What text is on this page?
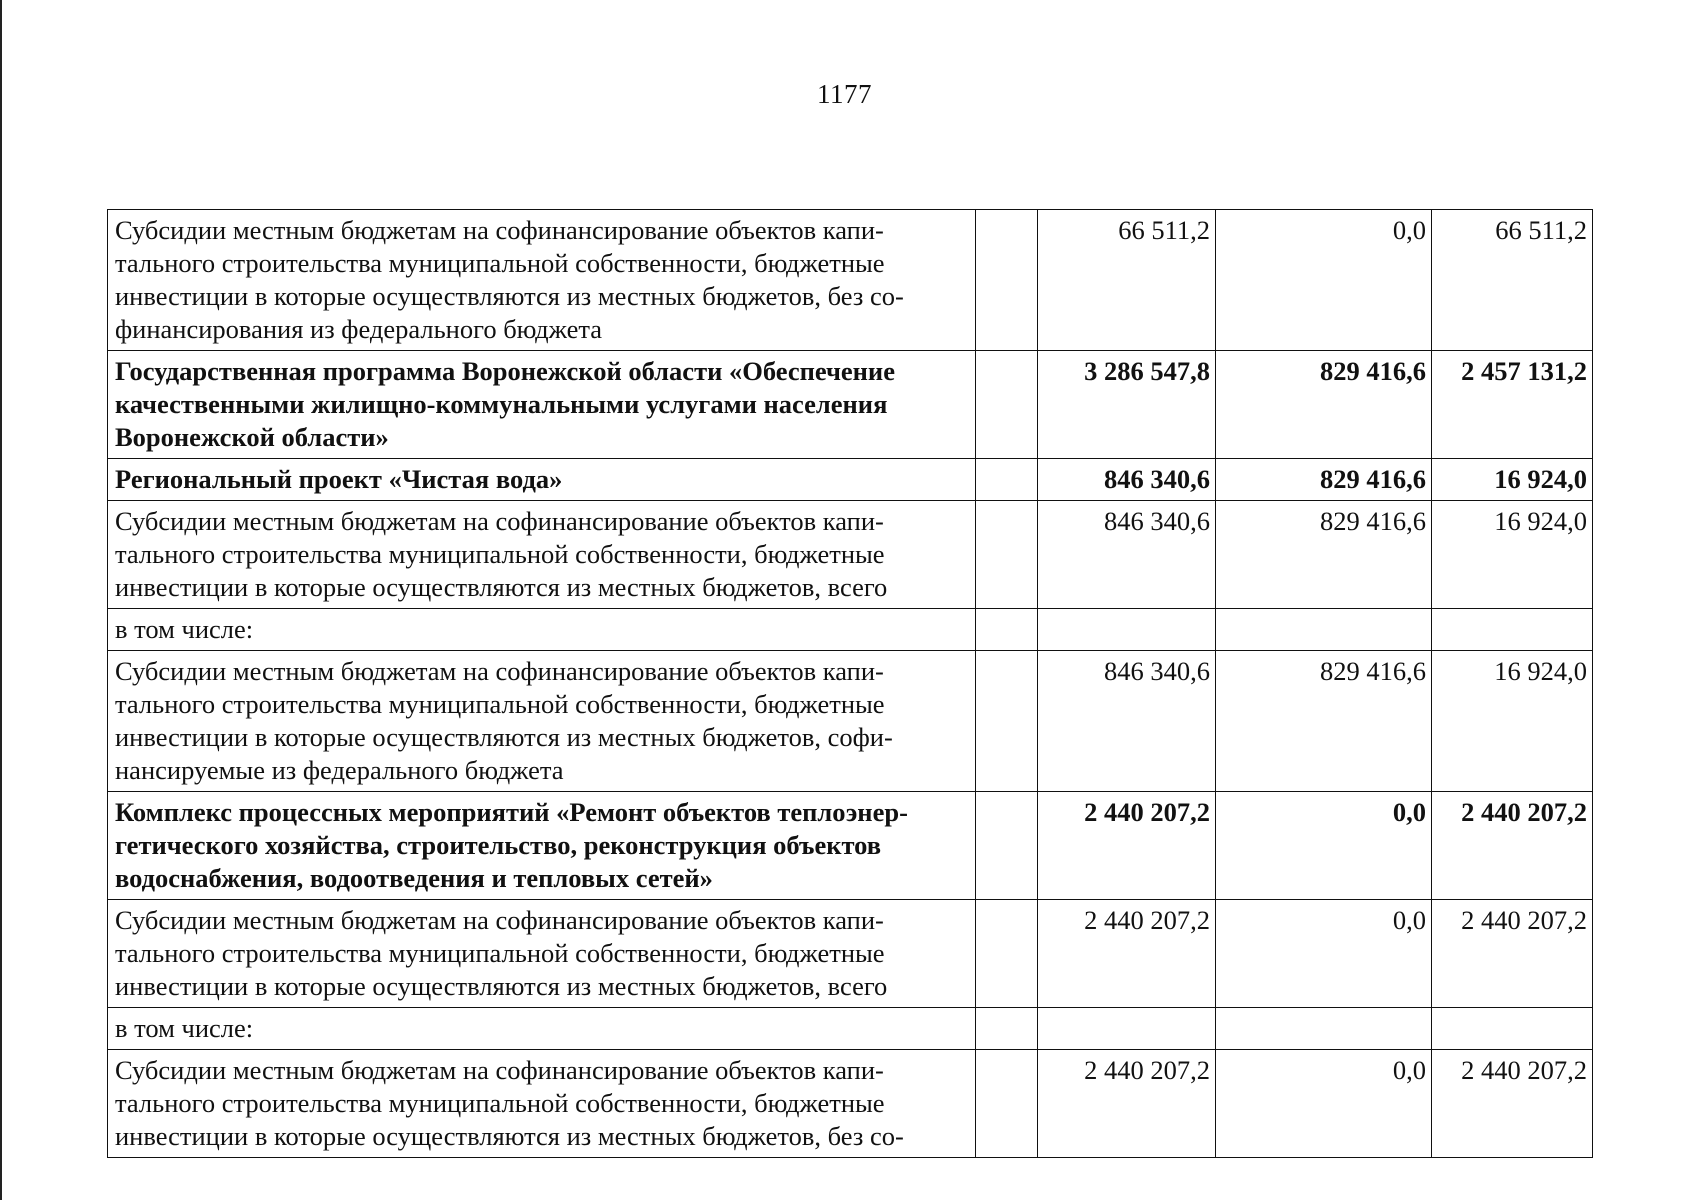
1177
Субсидии местным бюджетам на софинансирование объектов капи-
тального строительства муниципальной собственности, бюджетные
инвестиции в которые осуществляются из местных бюджетов, без со-
финансирования из федерального бюджета		66 511,2	0,0	66 511,2

Государственная программа Воронежской области «Обеспечение
качественными жилищно-коммунальными услугами населения
Воронежской области»		3 286 547,8	829 416,6	2 457 131,2

Региональный проект «Чистая вода»		846 340,6	829 416,6	16 924,0

Субсидии местным бюджетам на софинансирование объектов капи-
тального строительства муниципальной собственности, бюджетные
инвестиции в которые осуществляются из местных бюджетов, всего		846 340,6	829 416,6	16 924,0

в том числе:				

Субсидии местным бюджетам на софинансирование объектов капи-
тального строительства муниципальной собственности, бюджетные
инвестиции в которые осуществляются из местных бюджетов, софи-
нансируемые из федерального бюджета		846 340,6	829 416,6	16 924,0

Комплекс процессных мероприятий «Ремонт объектов теплоэнер-
гетического хозяйства, строительство, реконструкция объектов
водоснабжения, водоотведения и тепловых сетей»		2 440 207,2	0,0	2 440 207,2

Субсидии местным бюджетам на софинансирование объектов капи-
тального строительства муниципальной собственности, бюджетные
инвестиции в которые осуществляются из местных бюджетов, всего		2 440 207,2	0,0	2 440 207,2

в том числе:				

Субсидии местным бюджетам на софинансирование объектов капи-
тального строительства муниципальной собственности, бюджетные
инвестиции в которые осуществляются из местных бюджетов, без со-		2 440 207,2	0,0	2 440 207,2
